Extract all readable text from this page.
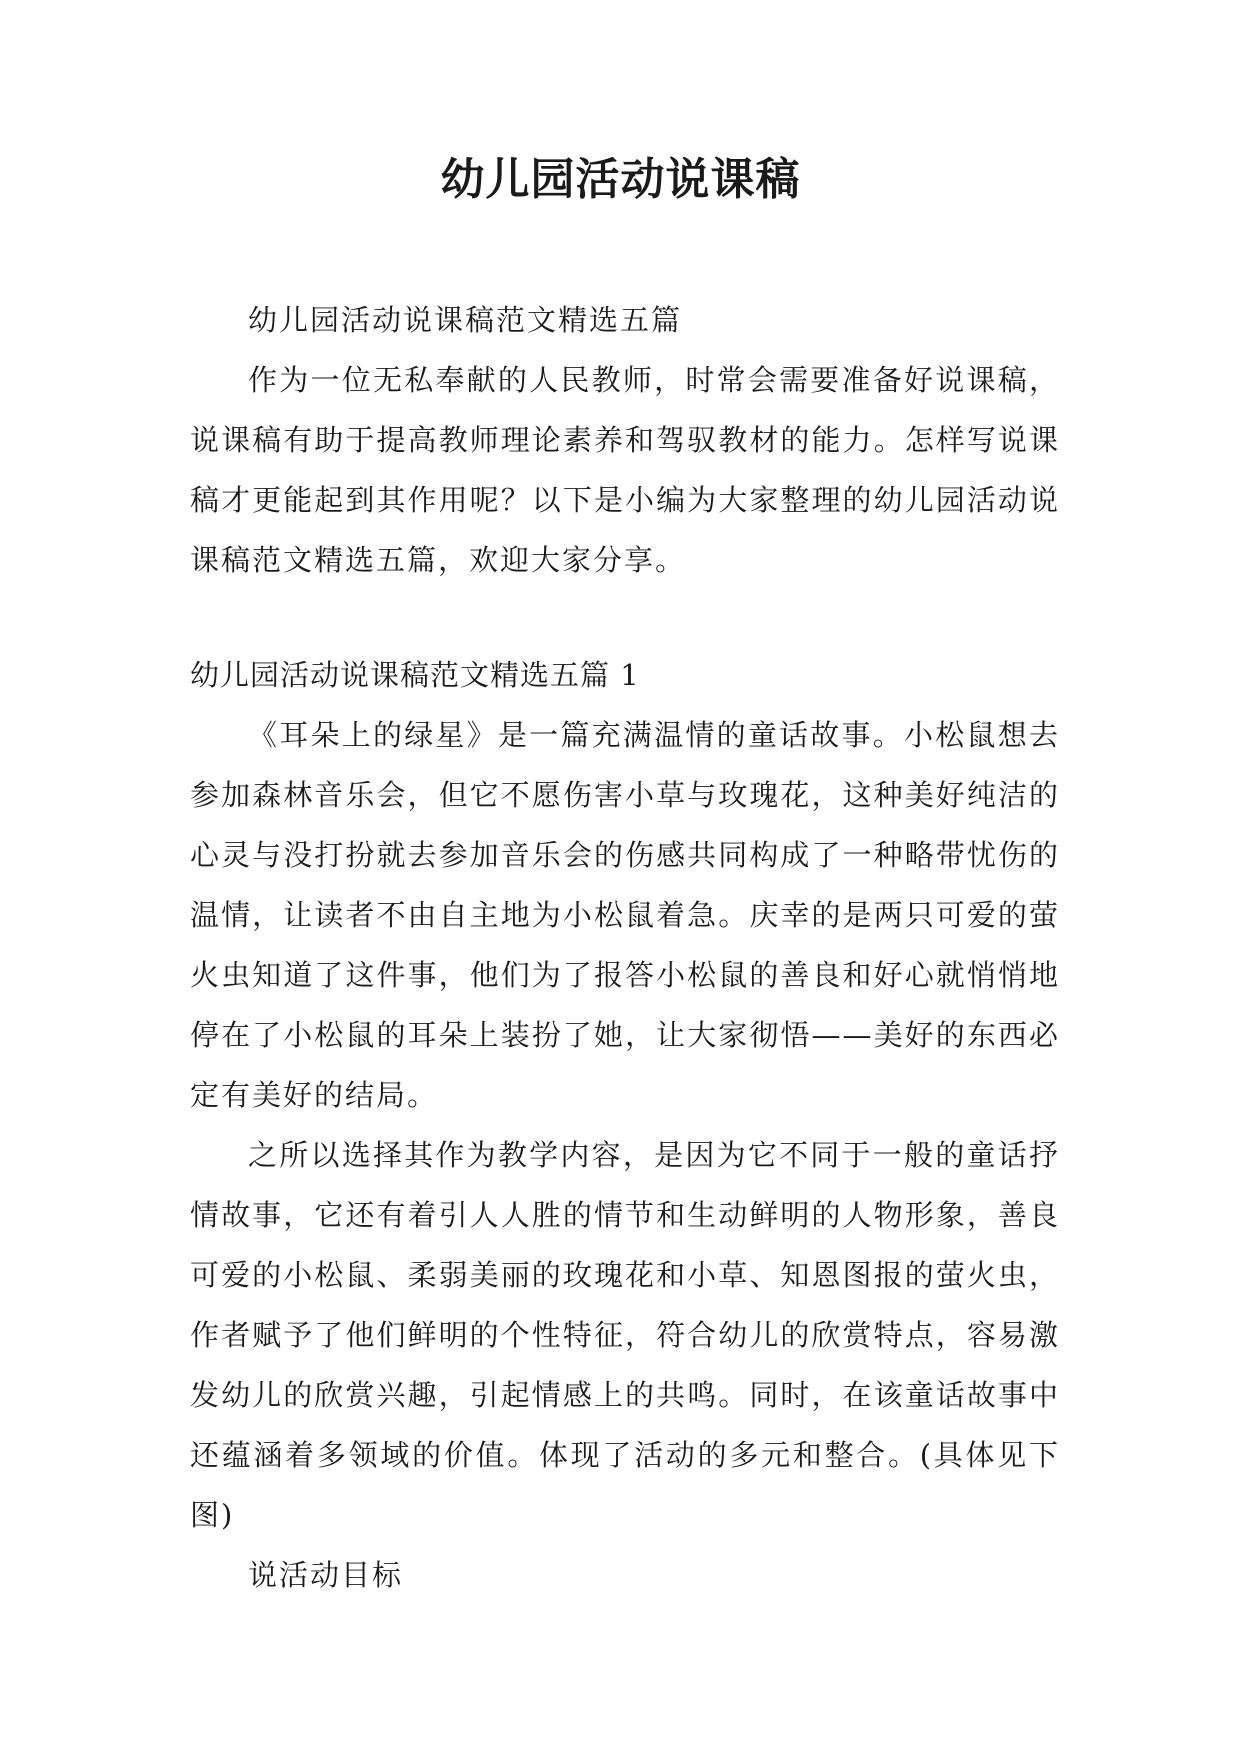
幼儿园活动说课稿

幼儿园活动说课稿范文精选五篇

作为一位无私奉献的人民教师，时常会需要准备好说课稿，说课稿有助于提高教师理论素养和驾驭教材的能力。怎样写说课稿才更能起到其作用呢？以下是小编为大家整理的幼儿园活动说课稿范文精选五篇，欢迎大家分享。

幼儿园活动说课稿范文精选五篇 1

《耳朵上的绿星》是一篇充满温情的童话故事。小松鼠想去参加森林音乐会，但它不愿伤害小草与玫瑰花，这种美好纯洁的心灵与没打扮就去参加音乐会的伤感共同构成了一种略带忧伤的温情，让读者不由自主地为小松鼠着急。庆幸的是两只可爱的萤火虫知道了这件事，他们为了报答小松鼠的善良和好心就悄悄地停在了小松鼠的耳朵上装扮了她，让大家彻悟——美好的东西必定有美好的结局。

之所以选择其作为教学内容，是因为它不同于一般的童话抒情故事，它还有着引人人胜的情节和生动鲜明的人物形象，善良可爱的小松鼠、柔弱美丽的玫瑰花和小草、知恩图报的萤火虫，作者赋予了他们鲜明的个性特征，符合幼儿的欣赏特点，容易激发幼儿的欣赏兴趣，引起情感上的共鸣。同时，在该童话故事中还蕴涵着多领域的价值。体现了活动的多元和整合。(具体见下图)

说活动目标
